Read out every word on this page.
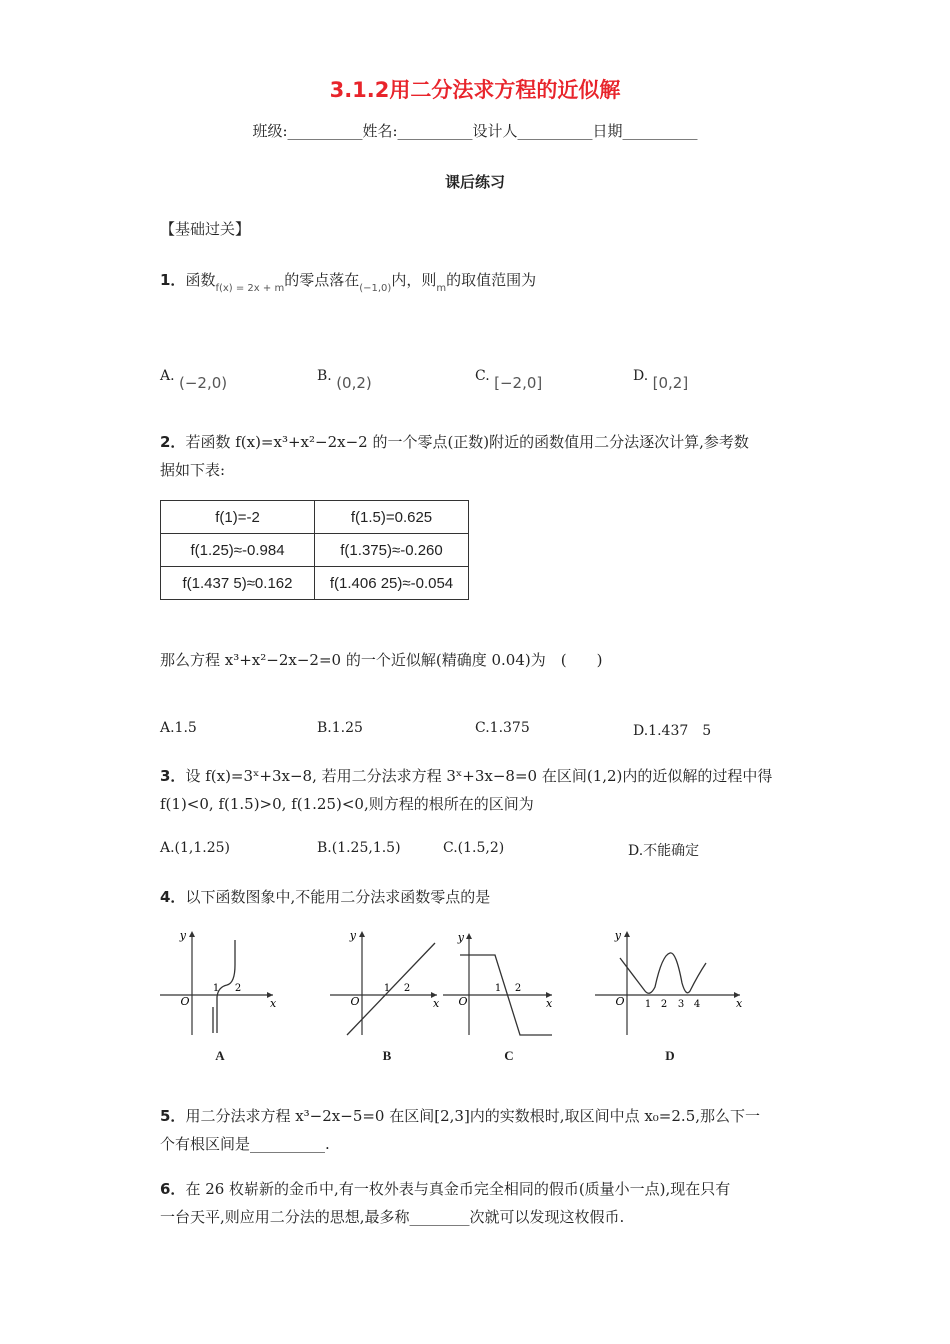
3.1.2用二分法求方程的近似解
班级:__________姓名:__________设计人__________日期__________
课后练习
【基础过关】
1．函数$_{f(x) = 2x + m}$的零点落在$_{(-1,0)}$内，则$_m$的取值范围为
A. (−2,0)	B. (0,2)	C. [−2,0]	D. [0,2]
2．若函数 f(x)=x³+x²−2x−2 的一个零点(正数)附近的函数值用二分法逐次计算,参考数
据如下表:
f(1)=-2	f(1.5)=0.625
f(1.25)≈-0.984	f(1.375)≈-0.260
f(1.437 5)≈0.162	f(1.406 25)≈-0.054
那么方程 x³+x²−2x−2=0 的一个近似解(精确度 0.04)为　(　　)
A.1.5	B.1.25	C.1.375	D.1.437　5
3．设 f(x)=3ˣ+3x−8, 若用二分法求方程 3ˣ+3x−8=0 在区间(1,2)内的近似解的过程中得
f(1)<0, f(1.5)>0, f(1.25)<0,则方程的根所在的区间为
A.(1,1.25)	B.(1.25,1.5)	C.(1.5,2)	D.不能确定
4．以下函数图象中,不能用二分法求函数零点的是
y
x
O
1 2
A
y
x
O
1 2
B
y
x
O
1 2
C
y
x
O 1 2 3 4
D
5．用二分法求方程 x³−2x−5=0 在区间[2,3]内的实数根时,取区间中点 x₀=2.5,那么下一
个有根区间是__________.
6．在 26 枚崭新的金币中,有一枚外表与真金币完全相同的假币(质量小一点),现在只有
一台天平,则应用二分法的思想,最多称________次就可以发现这枚假币.
